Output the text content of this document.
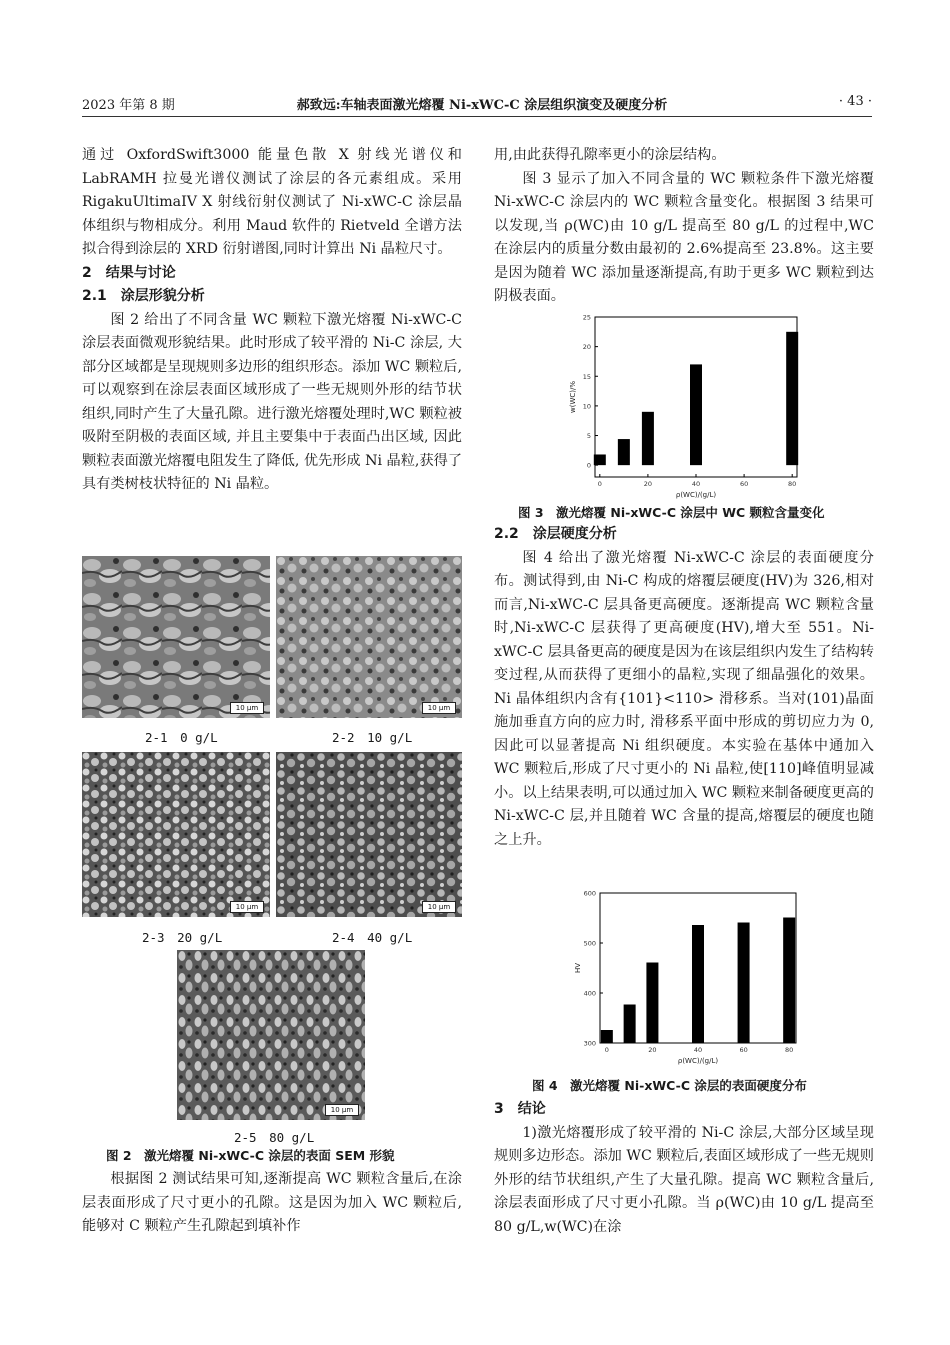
2023 年第 8 期	郝致远:车轴表面激光熔覆 Ni-xWC-C 涂层组织演变及硬度分析	· 43 ·

通过 OxfordSwift3000 能量色散 X 射线光谱仪和 LabRAMH 拉曼光谱仪测试了涂层的各元素组成。采用 RigakuUltimaIV X 射线衍射仪测试了 Ni-xWC-C 涂层晶体组织与物相成分。利用 Maud 软件的 Rietveld 全谱方法拟合得到涂层的 XRD 衍射谱图,同时计算出 Ni 晶粒尺寸。

2　结果与讨论

2.1　涂层形貌分析

图 2 给出了不同含量 WC 颗粒下激光熔覆 Ni-xWC-C 涂层表面微观形貌结果。此时形成了较平滑的 Ni-C 涂层, 大部分区域都是呈现规则多边形的组织形态。添加 WC 颗粒后,可以观察到在涂层表面区域形成了一些无规则外形的结节状组织,同时产生了大量孔隙。进行激光熔覆处理时,WC 颗粒被吸附至阴极的表面区域, 并且主要集中于表面凸出区域, 因此颗粒表面激光熔覆电阻发生了降低, 优先形成 Ni 晶粒,获得了具有类树枝状特征的 Ni 晶粒。

10 μm	10 μm
2-1　0 g/L	2-2　10 g/L
10 μm	10 μm
2-3　20 g/L	2-4　40 g/L
10 μm
2-5　80 g/L
图 2　激光熔覆 Ni-xWC-C 涂层的表面 SEM 形貌

根据图 2 测试结果可知,逐渐提高 WC 颗粒含量后,在涂层表面形成了尺寸更小的孔隙。这是因为加入 WC 颗粒后, 能够对 C 颗粒产生孔隙起到填补作

用,由此获得孔隙率更小的涂层结构。

图 3 显示了加入不同含量的 WC 颗粒条件下激光熔覆 Ni-xWC-C 涂层内的 WC 颗粒含量变化。根据图 3 结果可以发现,当 ρ(WC)由 10 g/L 提高至 80 g/L 的过程中,WC 在涂层内的质量分数由最初的 2.6%提高至 23.8%。这主要是因为随着 WC 添加量逐渐提高,有助于更多 WC 颗粒到达阴极表面。

0
5
10
15
20
25
0	20	40	60	80
ρ(WC)/(g/L)
w(WC)/%
图 3　激光熔覆 Ni-xWC-C 涂层中 WC 颗粒含量变化

2.2　涂层硬度分析

图 4 给出了激光熔覆 Ni-xWC-C 涂层的表面硬度分布。测试得到,由 Ni-C 构成的熔覆层硬度(HV)为 326,相对而言,Ni-xWC-C 层具备更高硬度。逐渐提高 WC 颗粒含量时,Ni-xWC-C 层获得了更高硬度(HV),增大至 551。Ni-xWC-C 层具备更高的硬度是因为在该层组织内发生了结构转变过程,从而获得了更细小的晶粒,实现了细晶强化的效果。Ni 晶体组织内含有{101}<110> 滑移系。当对(101)晶面施加垂直方向的应力时, 滑移系平面中形成的剪切应力为 0,因此可以显著提高 Ni 组织硬度。本实验在基体中通加入 WC 颗粒后,形成了尺寸更小的 Ni 晶粒,使[110]峰值明显减小。以上结果表明,可以通过加入 WC 颗粒来制备硬度更高的 Ni-xWC-C 层,并且随着 WC 含量的提高,熔覆层的硬度也随之上升。

300
400
500
600
0	20	40	60	80
ρ(WC)/(g/L)
HV
图 4　激光熔覆 Ni-xWC-C 涂层的表面硬度分布

3　结论

1)激光熔覆形成了较平滑的 Ni-C 涂层,大部分区域呈现规则多边形态。添加 WC 颗粒后,表面区域形成了一些无规则外形的结节状组织,产生了大量孔隙。提高 WC 颗粒含量后,涂层表面形成了尺寸更小孔隙。当 ρ(WC)由 10 g/L 提高至 80 g/L,w(WC)在涂
